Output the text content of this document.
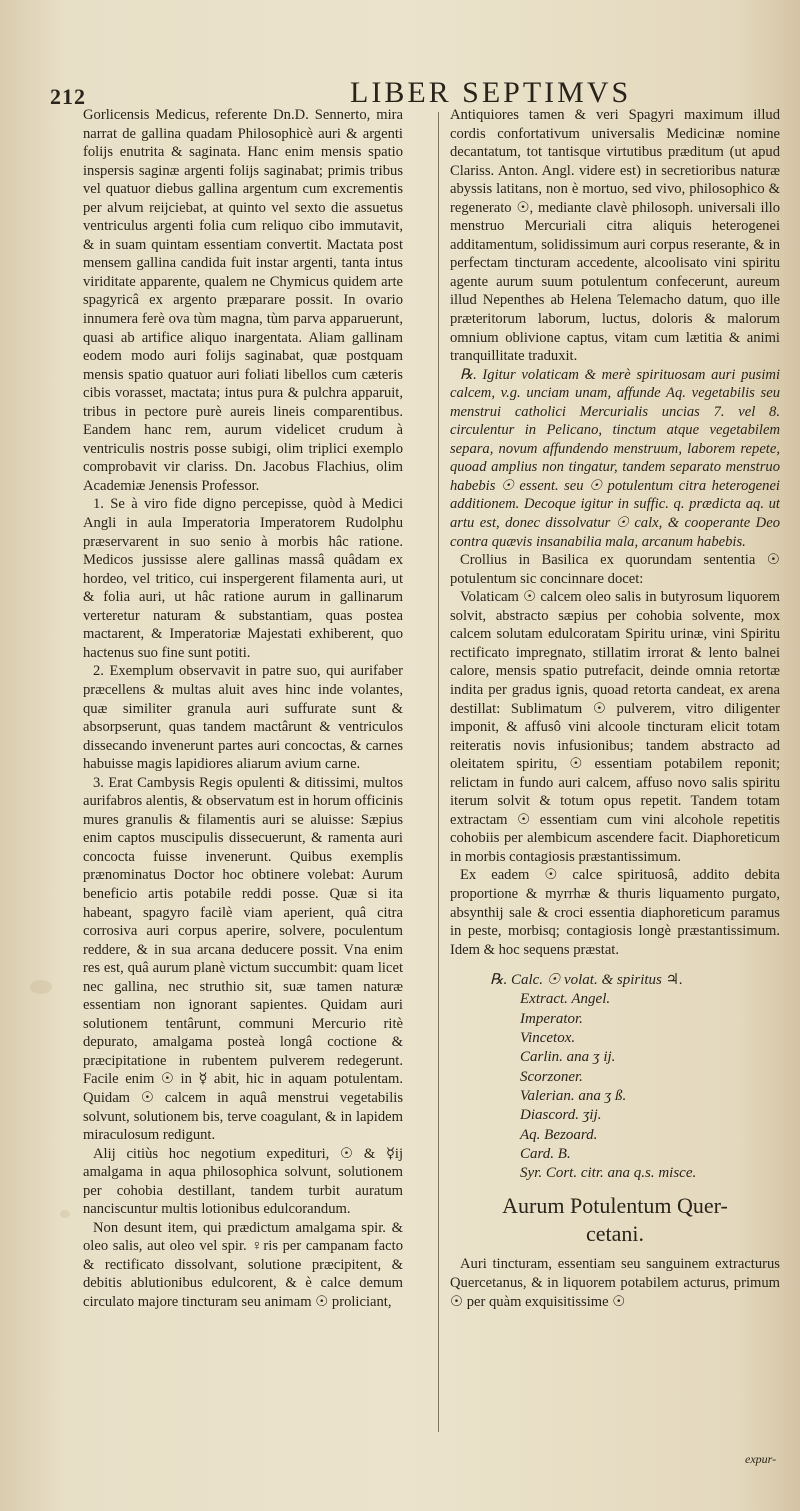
212	LIBER SEPTIMVS

Gorlicensis Medicus, referente Dn.D. Sennerto, mira narrat de gallina quadam Philosophicè auri & argenti folijs enutrita & saginata. Hanc enim mensis spatio inspersis saginæ argenti folijs saginabat; primis tribus vel quatuor diebus gallina argentum cum excrementis per alvum reijciebat, at quinto vel sexto die assuetus ventriculus argenti folia cum reliquo cibo immutavit, & in suam quintam essentiam convertit. Mactata post mensem gallina candida fuit instar argenti, tanta intus viriditate apparente, qualem ne Chymicus quidem arte spagyricâ ex argento præparare possit. In ovario innumera ferè ova tùm magna, tùm parva apparuerunt, quasi ab artifice aliquo inargentata. Aliam gallinam eodem modo auri folijs saginabat, quæ postquam mensis spatio quatuor auri foliati libellos cum cæteris cibis vorasset, mactata; intus pura & pulchra apparuit, tribus in pectore purè aureis lineis comparentibus. Eandem hanc rem, aurum videlicet crudum à ventriculis nostris posse subigi, olim triplici exemplo comprobavit vir clariss. Dn. Jacobus Flachius, olim Academiæ Jenensis Professor.

1. Se à viro fide digno percepisse, quòd à Medici Angli in aula Imperatoria Imperatorem Rudolphu præservarent in suo senio à morbis hâc ratione. Medicos jussisse alere gallinas massâ quâdam ex hordeo, vel tritico, cui inspergerent filamenta auri, ut & folia auri, ut hâc ratione aurum in gallinarum verteretur naturam & substantiam, quas postea mactarent, & Imperatoriæ Majestati exhiberent, quo hactenus suo fine sunt potiti.

2. Exemplum observavit in patre suo, qui aurifaber præcellens & multas aluit aves hinc inde volantes, quæ similiter granula auri suffurate sunt & absorpserunt, quas tandem mactârunt & ventriculos dissecando invenerunt partes auri concoctas, & carnes habuisse magis lapidiores aliarum avium carne.

3. Erat Cambysis Regis opulenti & ditissimi, multos aurifabros alentis, & observatum est in horum officinis mures granulis & filamentis auri se aluisse: Sæpius enim captos muscipulis dissecuerunt, & ramenta auri concocta fuisse invenerunt. Quibus exemplis prænominatus Doctor hoc obtinere volebat: Aurum beneficio artis potabile reddi posse. Quæ si ita habeant, spagyro facilè viam aperient, quâ citra corrosiva auri corpus aperire, solvere, poculentum reddere, & in sua arcana deducere possit. Vna enim res est, quâ aurum planè victum succumbit: quam licet nec gallina, nec struthio sit, suæ tamen naturæ essentiam non ignorant sapientes. Quidam auri solutionem tentârunt, communi Mercurio ritè depurato, amalgama posteà longâ coctione & præcipitatione in rubentem pulverem redegerunt. Facile enim ☉ in ☿ abit, hic in aquam potulentam. Quidam ☉ calcem in aquâ menstrui vegetabilis solvunt, solutionem bis, terve coagulant, & in lapidem miraculosum redigunt.

Alij citiùs hoc negotium expedituri, ☉ & ☿ij amalgama in aqua philosophica solvunt, solutionem per cohobia destillant, tandem turbit auratum nanciscuntur multis lotionibus edulcorandum.

Non desunt item, qui prædictum amalgama spir. & oleo salis, aut oleo vel spir. ♀ris per campanam facto & rectificato dissolvant, solutione præcipitent, & debitis ablutionibus edulcorent, & è calce demum circulato majore tincturam seu animam ☉ proliciant,

Antiquiores tamen & veri Spagyri maximum illud cordis confortativum universalis Medicinæ nomine decantatum, tot tantisque virtutibus præditum (ut apud Clariss. Anton. Angl. videre est) in secretioribus naturæ abyssis latitans, non è mortuo, sed vivo, philosophico & regenerato ☉, mediante clavè philosoph. universali illo menstruo Mercuriali citra aliquis heterogenei additamentum, solidissimum auri corpus reserante, & in perfectam tincturam accedente, alcoolisato vini spiritu agente aurum suum potulentum confecerunt, aureum illud Nepenthes ab Helena Telemacho datum, quo ille præteritorum laborum, luctus, doloris & malorum omnium oblivione captus, vitam cum lætitia & animi tranquillitate traduxit.

℞. Igitur volaticam & merè spirituosam auri pusimi calcem, v.g. unciam unam, affunde Aq. vegetabilis seu menstrui catholici Mercurialis uncias 7. vel 8. circulentur in Pelicano, tinctum atque vegetabilem separa, novum affundendo menstruum, laborem repete, quoad amplius non tingatur, tandem separato menstruo habebis ☉ essent. seu ☉ potulentum citra heterogenei additionem. Decoque igitur in suffic. q. prædicta aq. ut artu est, donec dissolvatur ☉ calx, & cooperante Deo contra quævis insanabilia mala, arcanum habebis.

Crollius in Basilica ex quorundam sententia ☉ potulentum sic concinnare docet:

Volaticam ☉ calcem oleo salis in butyrosum liquorem solvit, abstracto sæpius per cohobia solvente, mox calcem solutam edulcoratam Spiritu urinæ, vini Spiritu rectificato impregnato, stillatim irrorat & lento balnei calore, mensis spatio putrefacit, deinde omnia retortæ indita per gradus ignis, quoad retorta candeat, ex arena destillat: Sublimatum ☉ pulverem, vitro diligenter imponit, & affusô vini alcoole tincturam elicit totam reiteratis novis infusionibus; tandem abstracto ad oleitatem spiritu, ☉ essentiam potabilem reponit; relictam in fundo auri calcem, affuso novo salis spiritu iterum solvit & totum opus repetit. Tandem totam extractam ☉ essentiam cum vini alcohole repetitis cohobiis per alembicum ascendere facit. Diaphoreticum in morbis contagiosis præstantissimum.

Ex eadem ☉ calce spirituosâ, addito debita proportione & myrrhæ & thuris liquamento purgato, absynthij sale & croci essentia diaphoreticum paramus in peste, morbisq; contagiosis longè præstantissimum. Idem & hoc sequens præstat.

℞. Calc. ☉ volat. & spiritus ♃.
Extract. Angel.
Imperator.
Vincetox.
Carlin. ana ʒ ij.
Scorzoner.
Valerian. ana ʒ ß.
Diascord. ʒij.
Aq. Bezoard.
Card. B.
Syr. Cort. citr. ana q.s. misce.
Aurum Potulentum Quer-
cetani.

Auri tincturam, essentiam seu sanguinem extracturus Quercetanus, & in liquorem potabilem acturus, primum ☉ per quàm exquisitissime ☉

expur-
